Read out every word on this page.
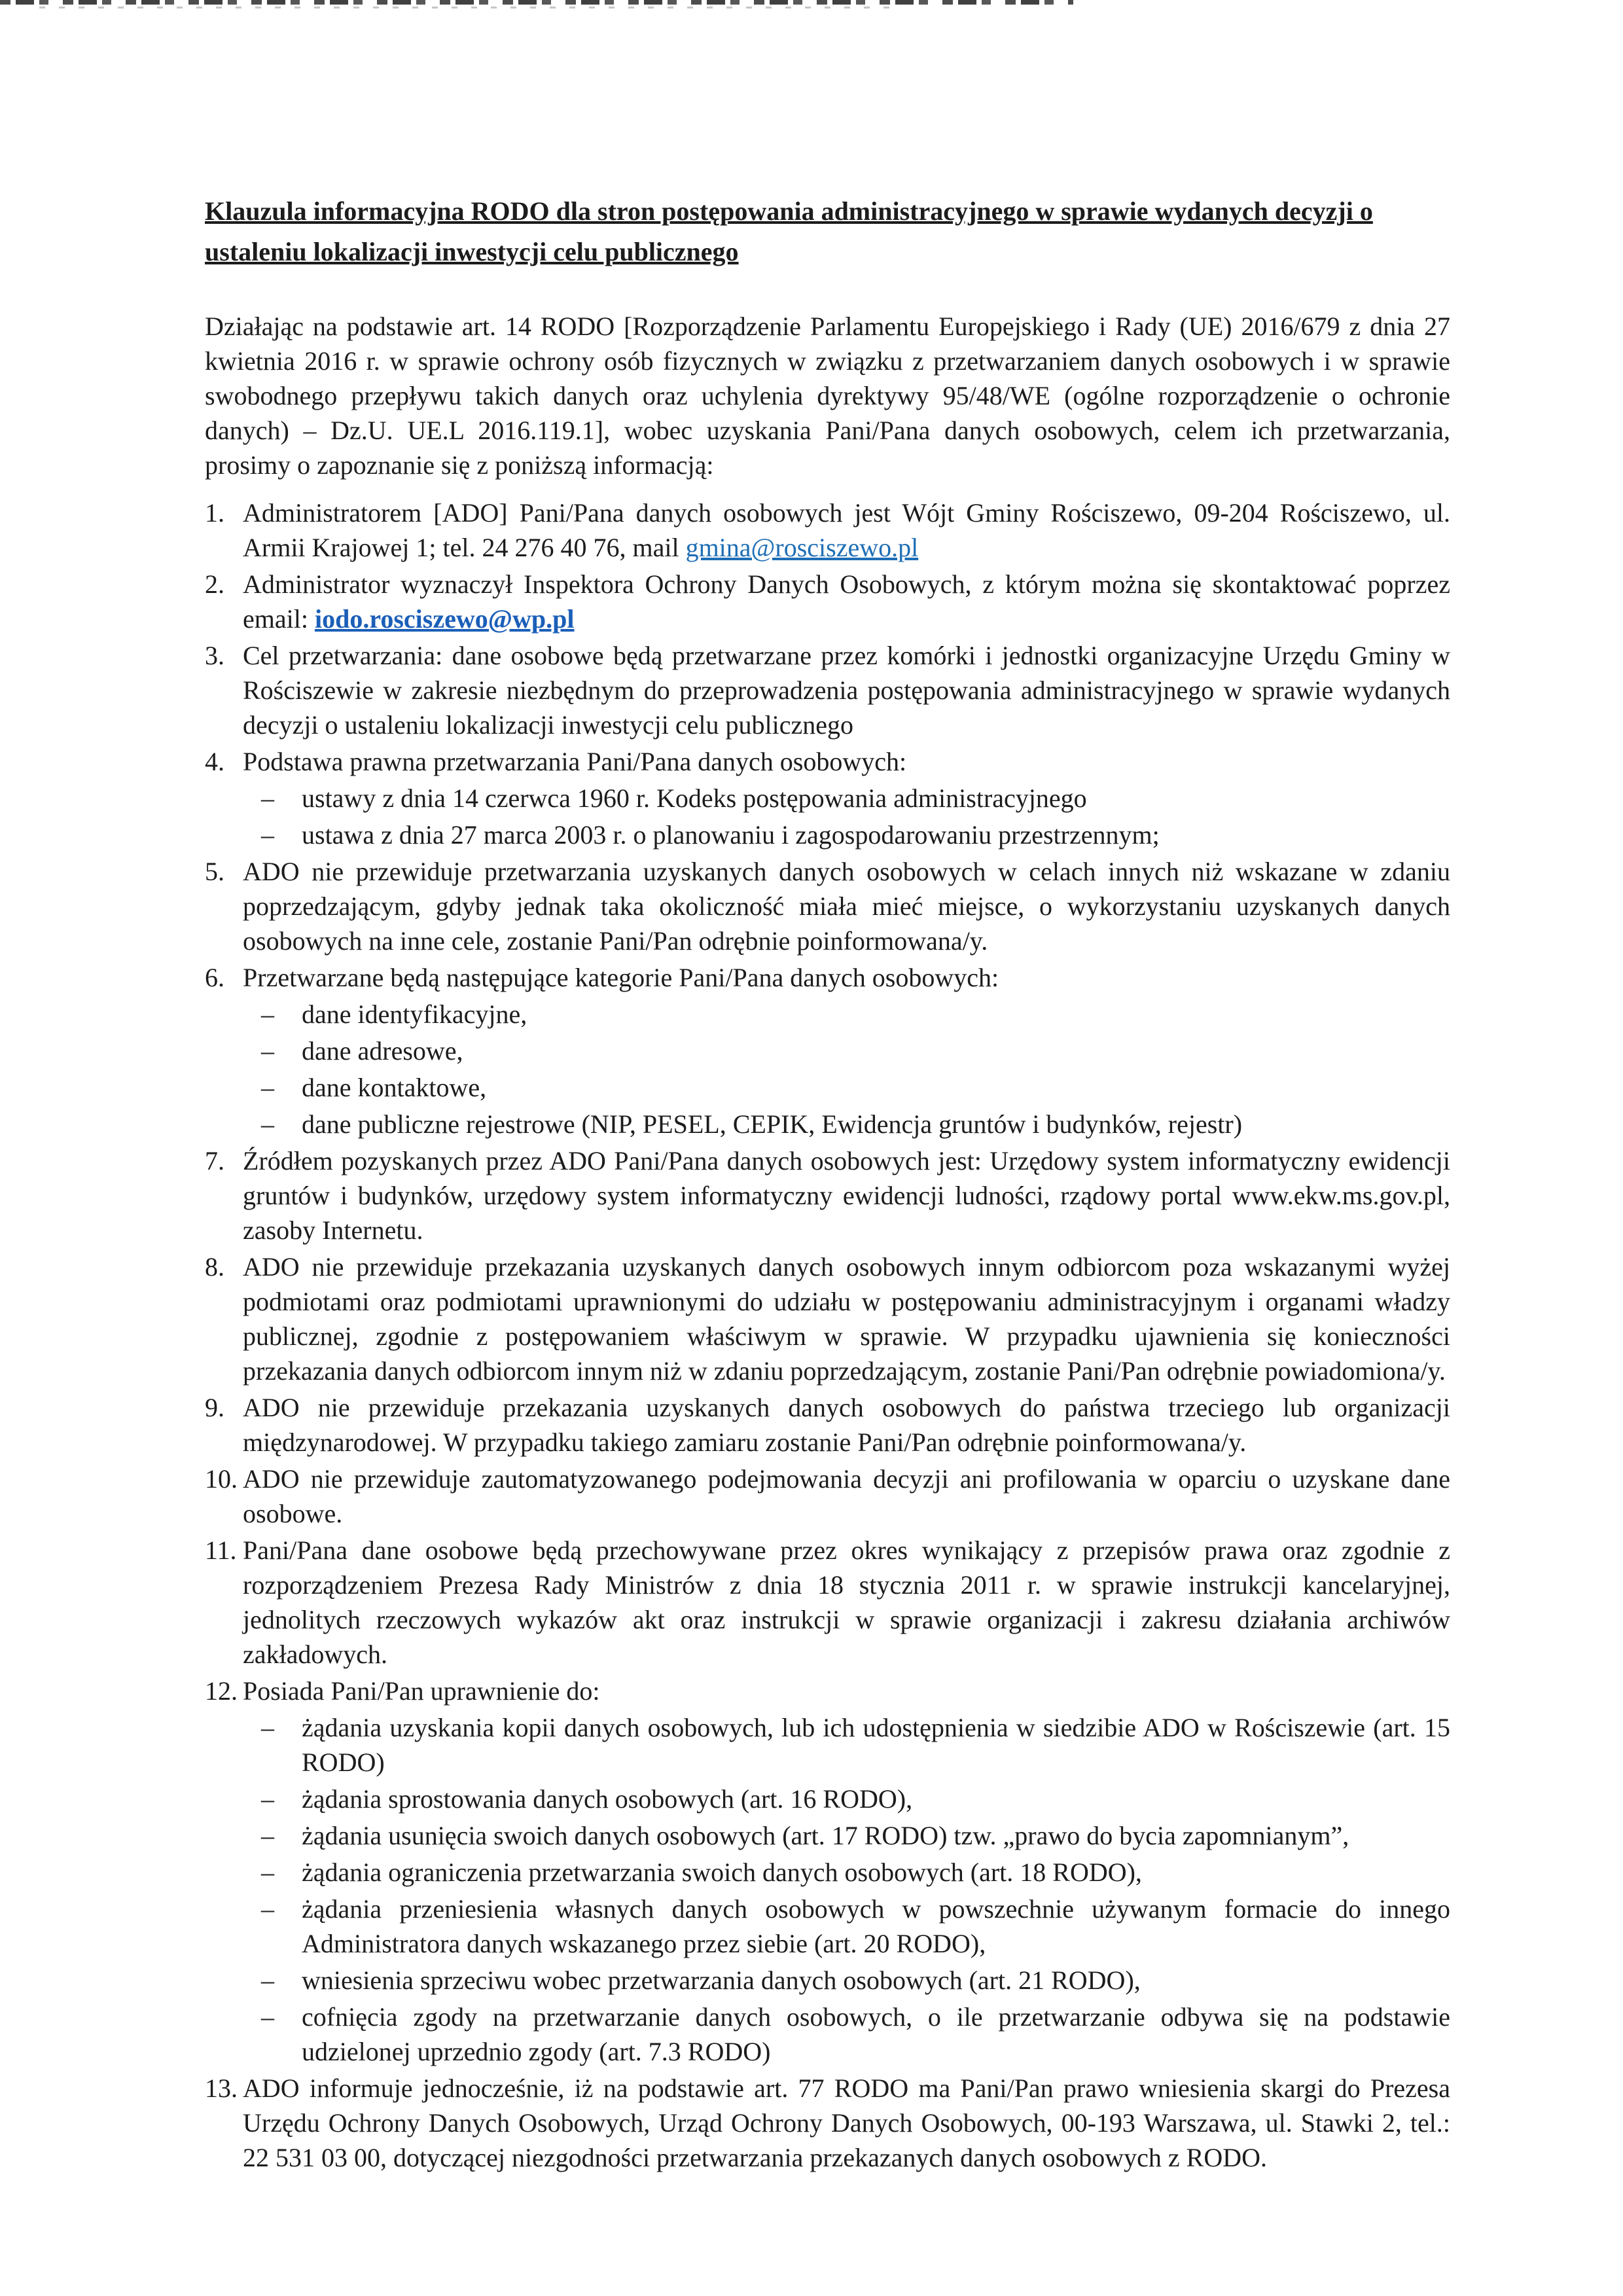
Klauzula informacyjna RODO dla stron postępowania administracyjnego w sprawie wydanych decyzji o
ustaleniu lokalizacji inwestycji celu publicznego

Działając na podstawie art. 14 RODO [Rozporządzenie Parlamentu Europejskiego i Rady (UE) 2016/679 z dnia 27 kwietnia 2016 r. w sprawie ochrony osób fizycznych w związku z przetwarzaniem danych osobowych i w sprawie swobodnego przepływu takich danych oraz uchylenia dyrektywy 95/48/WE (ogólne rozporządzenie o ochronie danych) – Dz.U. UE.L 2016.119.1], wobec uzyskania Pani/Pana danych osobowych, celem ich przetwarzania, prosimy o zapoznanie się z poniższą informacją:

Administratorem [ADO] Pani/Pana danych osobowych jest Wójt Gminy Rościszewo, 09-204 Rościszewo, ul. Armii Krajowej 1; tel. 24 276 40 76, mail gmina@rosciszewo.pl
Administrator wyznaczył Inspektora Ochrony Danych Osobowych, z którym można się skontaktować poprzez email: iodo.rosciszewo@wp.pl
Cel przetwarzania: dane osobowe będą przetwarzane przez komórki i jednostki organizacyjne Urzędu Gminy w Rościszewie w zakresie niezbędnym do przeprowadzenia postępowania administracyjnego w sprawie wydanych decyzji o ustaleniu lokalizacji inwestycji celu publicznego
Podstawa prawna przetwarzania Pani/Pana danych osobowych:
– ustawy z dnia 14 czerwca 1960 r. Kodeks postępowania administracyjnego
– ustawa z dnia 27 marca 2003 r. o planowaniu i zagospodarowaniu przestrzennym;
ADO nie przewiduje przetwarzania uzyskanych danych osobowych w celach innych niż wskazane w zdaniu poprzedzającym, gdyby jednak taka okoliczność miała mieć miejsce, o wykorzystaniu uzyskanych danych osobowych na inne cele, zostanie Pani/Pan odrębnie poinformowana/y.
Przetwarzane będą następujące kategorie Pani/Pana danych osobowych:
– dane identyfikacyjne,
– dane adresowe,
– dane kontaktowe,
– dane publiczne rejestrowe (NIP, PESEL, CEPIK, Ewidencja gruntów i budynków, rejestr)
Źródłem pozyskanych przez ADO Pani/Pana danych osobowych jest: Urzędowy system informatyczny ewidencji gruntów i budynków, urzędowy system informatyczny ewidencji ludności, rządowy portal www.ekw.ms.gov.pl, zasoby Internetu.
ADO nie przewiduje przekazania uzyskanych danych osobowych innym odbiorcom poza wskazanymi wyżej podmiotami oraz podmiotami uprawnionymi do udziału w postępowaniu administracyjnym i organami władzy publicznej, zgodnie z postępowaniem właściwym w sprawie. W przypadku ujawnienia się konieczności przekazania danych odbiorcom innym niż w zdaniu poprzedzającym, zostanie Pani/Pan odrębnie powiadomiona/y.
ADO nie przewiduje przekazania uzyskanych danych osobowych do państwa trzeciego lub organizacji międzynarodowej. W przypadku takiego zamiaru zostanie Pani/Pan odrębnie poinformowana/y.
ADO nie przewiduje zautomatyzowanego podejmowania decyzji ani profilowania w oparciu o uzyskane dane osobowe.
Pani/Pana dane osobowe będą przechowywane przez okres wynikający z przepisów prawa oraz zgodnie z rozporządzeniem Prezesa Rady Ministrów z dnia 18 stycznia 2011 r. w sprawie instrukcji kancelaryjnej, jednolitych rzeczowych wykazów akt oraz instrukcji w sprawie organizacji i zakresu działania archiwów zakładowych.
Posiada Pani/Pan uprawnienie do:
– żądania uzyskania kopii danych osobowych, lub ich udostępnienia w siedzibie ADO w Rościszewie (art. 15 RODO)
– żądania sprostowania danych osobowych (art. 16 RODO),
– żądania usunięcia swoich danych osobowych (art. 17 RODO) tzw. „prawo do bycia zapomnianym”,
– żądania ograniczenia przetwarzania swoich danych osobowych (art. 18 RODO),
– żądania przeniesienia własnych danych osobowych w powszechnie używanym formacie do innego Administratora danych wskazanego przez siebie (art. 20 RODO),
– wniesienia sprzeciwu wobec przetwarzania danych osobowych (art. 21 RODO),
– cofnięcia zgody na przetwarzanie danych osobowych, o ile przetwarzanie odbywa się na podstawie udzielonej uprzednio zgody (art. 7.3 RODO)
ADO informuje jednocześnie, iż na podstawie art. 77 RODO ma Pani/Pan prawo wniesienia skargi do Prezesa Urzędu Ochrony Danych Osobowych, Urząd Ochrony Danych Osobowych, 00-193 Warszawa, ul. Stawki 2, tel.: 22 531 03 00, dotyczącej niezgodności przetwarzania przekazanych danych osobowych z RODO.
